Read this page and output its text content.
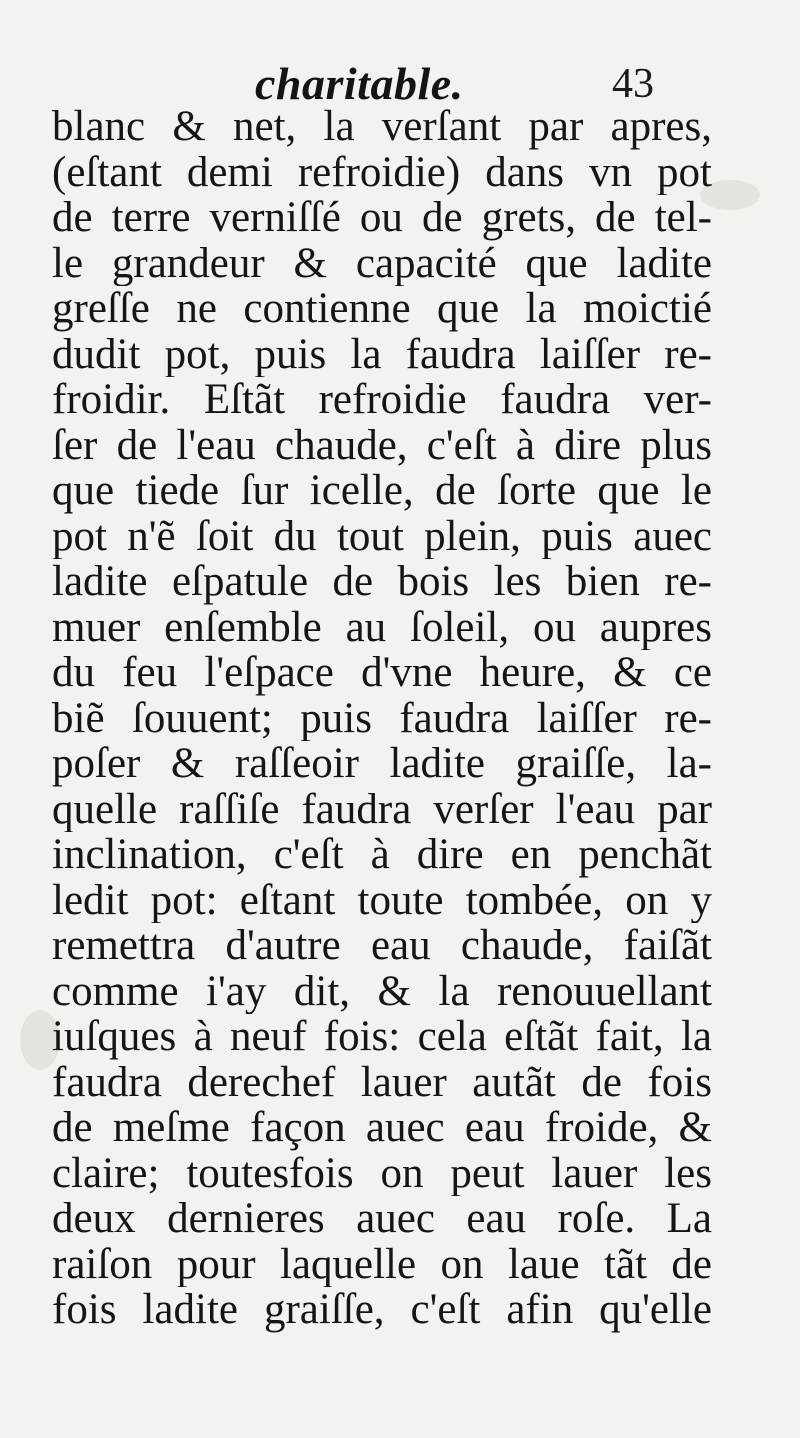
charitable.	43
blanc & net, la verſant par apres,
(eſtant demi refroidie) dans vn pot
de terre verniſſé ou de grets, de tel-
le grandeur & capacité que ladite
greſſe ne contienne que la moictié
dudit pot, puis la faudra laiſſer re-
froidir. Eſtãt refroidie faudra ver-
ſer de l'eau chaude, c'eſt à dire plus
que tiede ſur icelle, de ſorte que le
pot n'ẽ ſoit du tout plein, puis auec
ladite eſpatule de bois les bien re-
muer enſemble au ſoleil, ou aupres
du feu l'eſpace d'vne heure, & ce
biẽ ſouuent; puis faudra laiſſer re-
poſer & raſſeoir ladite graiſſe, la-
quelle raſſiſe faudra verſer l'eau par
inclination, c'eſt à dire en penchãt
ledit pot: eſtant toute tombée, on y
remettra d'autre eau chaude, faiſãt
comme i'ay dit, & la renouuellant
iuſques à neuf fois: cela eſtãt fait, la
faudra derechef lauer autãt de fois
de meſme façon auec eau froide, &
claire; toutesfois on peut lauer les
deux dernieres auec eau roſe. La
raiſon pour laquelle on laue tãt de
fois ladite graiſſe, c'eſt afin qu'elle
